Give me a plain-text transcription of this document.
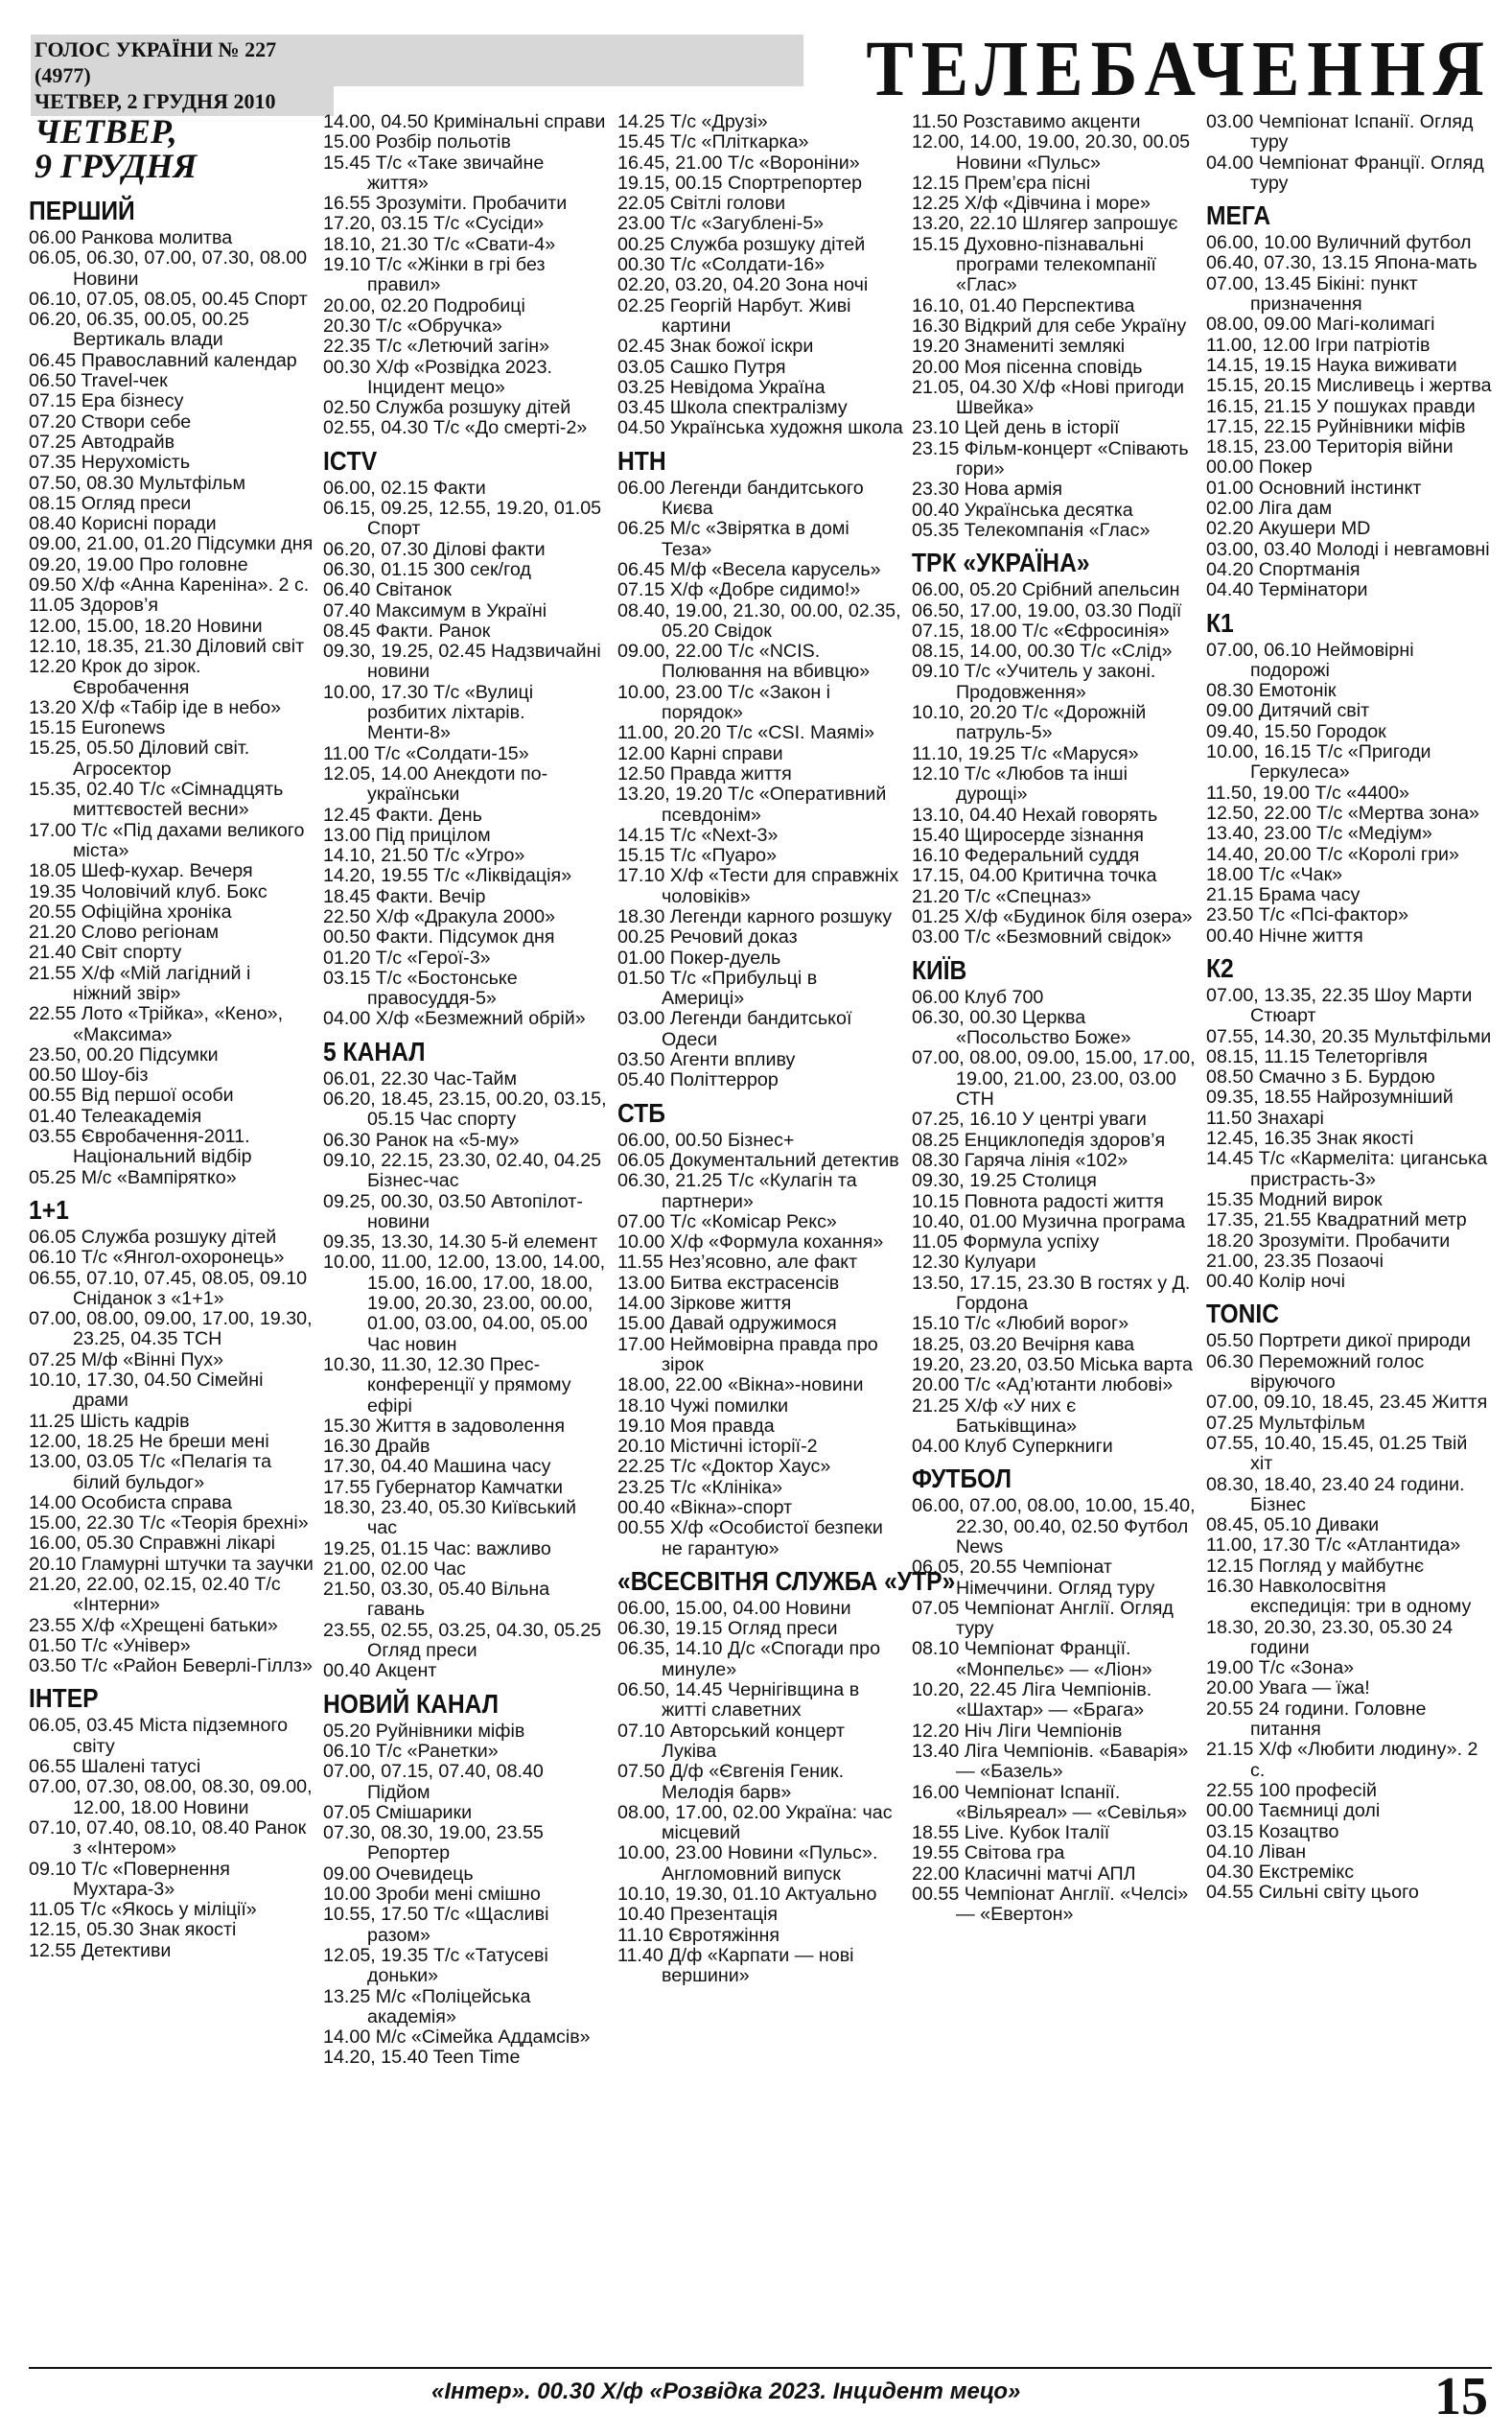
ГОЛОС УКРАЇНИ № 227 (4977)
ЧЕТВЕР, 2 ГРУДНЯ 2010	ТЕЛЕБАЧЕННЯ
ЧЕТВЕР,
9 ГРУДНЯ
ПЕРШИЙ
06.00 Ранкова молитва
06.05, 06.30, 07.00, 07.30, 08.00 Новини
06.10, 07.05, 08.05, 00.45 Спорт
06.20, 06.35, 00.05, 00.25 Вертикаль влади
06.45 Православний календар
06.50 Travel-чек
07.15 Ера бізнесу
07.20 Створи себе
07.25 Автодрайв
07.35 Нерухомість
07.50, 08.30 Мультфільм
08.15 Огляд преси
08.40 Корисні поради
09.00, 21.00, 01.20 Підсумки дня
09.20, 19.00 Про головне
09.50 Х/ф «Анна Кареніна». 2 с.
11.05 Здоров’я
12.00, 15.00, 18.20 Новини
12.10, 18.35, 21.30 Діловий світ
12.20 Крок до зірок. Євробачення
13.20 Х/ф «Табір іде в небо»
15.15 Euronews
15.25, 05.50 Діловий світ. Агросектор
15.35, 02.40 Т/с «Сімнадцять миттєвостей весни»
17.00 Т/с «Під дахами великого міста»
18.05 Шеф-кухар. Вечеря
19.35 Чоловічий клуб. Бокс
20.55 Офіційна хроніка
21.20 Слово регіонам
21.40 Світ спорту
21.55 Х/ф «Мій лагідний і ніжний звір»
22.55 Лото «Трійка», «Кено», «Максима»
23.50, 00.20 Підсумки
00.50 Шоу-біз
00.55 Від першої особи
01.40 Телеакадемія
03.55 Євробачення-2011. Національний відбір
05.25 М/с «Вампірятко»
1+1
06.05 Служба розшуку дітей
06.10 Т/с «Янгол-охоронець»
06.55, 07.10, 07.45, 08.05, 09.10 Сніданок з «1+1»
07.00, 08.00, 09.00, 17.00, 19.30, 23.25, 04.35 ТСН
07.25 М/ф «Вінні Пух»
10.10, 17.30, 04.50 Сімейні драми
11.25 Шість кадрів
12.00, 18.25 Не бреши мені
13.00, 03.05 Т/с «Пелагія та білий бульдог»
14.00 Особиста справа
15.00, 22.30 Т/с «Теорія брехні»
16.00, 05.30 Справжні лікарі
20.10 Гламурні штучки та зaучки
21.20, 22.00, 02.15, 02.40 Т/с «Інтерни»
23.55 Х/ф «Хрещені батьки»
01.50 Т/с «Унівeр»
03.50 Т/с «Район Беверлі-Гіллз»
ІНТЕР
06.05, 03.45 Міста підземного світу
06.55 Шалені татусі
07.00, 07.30, 08.00, 08.30, 09.00, 12.00, 18.00 Новини
07.10, 07.40, 08.10, 08.40 Ранок з «Інтером»
09.10 Т/с «Повернення Мухтара-3»
11.05 Т/с «Якось у міліції»
12.15, 05.30 Знак якості
12.55 Детективи
14.00, 04.50 Кримінальні справи
15.00 Розбір польотів
15.45 Т/с «Таке звичайне життя»
16.55 Зрозуміти. Пробачити
17.20, 03.15 Т/с «Сусіди»
18.10, 21.30 Т/с «Свати-4»
19.10 Т/с «Жінки в грі без правил»
20.00, 02.20 Подробиці
20.30 Т/с «Обручка»
22.35 Т/с «Летючий загін»
00.30 Х/ф «Розвідка 2023. Інцидент мецо»
02.50 Служба розшуку дітей
02.55, 04.30 Т/с «До смерті-2»
ICTV
06.00, 02.15 Факти
06.15, 09.25, 12.55, 19.20, 01.05 Спорт
06.20, 07.30 Ділові факти
06.30, 01.15 300 сек/год
06.40 Світанок
07.40 Максимум в Україні
08.45 Факти. Ранок
09.30, 19.25, 02.45 Надзвичайні новини
10.00, 17.30 Т/с «Вулиці розбитих ліхтарів. Менти-8»
11.00 Т/с «Солдати-15»
12.05, 14.00 Анекдоти по-українськи
12.45 Факти. День
13.00 Під прицілом
14.10, 21.50 Т/с «Угро»
14.20, 19.55 Т/с «Ліквідація»
18.45 Факти. Вечір
22.50 Х/ф «Дракула 2000»
00.50 Факти. Підсумок дня
01.20 Т/с «Герої-3»
03.15 Т/с «Бостонське правосуддя-5»
04.00 Х/ф «Безмежний обрій»
5 КАНАЛ
06.01, 22.30 Час-Тайм
06.20, 18.45, 23.15, 00.20, 03.15, 05.15 Час спорту
06.30 Ранок на «5-му»
09.10, 22.15, 23.30, 02.40, 04.25 Бізнес-час
09.25, 00.30, 03.50 Автопілот-новини
09.35, 13.30, 14.30 5-й елемент
10.00, 11.00, 12.00, 13.00, 14.00, 15.00, 16.00, 17.00, 18.00, 19.00, 20.30, 23.00, 00.00, 01.00, 03.00, 04.00, 05.00 Час новин
10.30, 11.30, 12.30 Прес-конференції у прямому ефірі
15.30 Життя в задоволення
16.30 Драйв
17.30, 04.40 Машина часу
17.55 Губернатор Камчатки
18.30, 23.40, 05.30 Київський час
19.25, 01.15 Час: важливо
21.00, 02.00 Час
21.50, 03.30, 05.40 Вільна гавань
23.55, 02.55, 03.25, 04.30, 05.25 Огляд преси
00.40 Акцент
НОВИЙ КАНАЛ
05.20 Руйнівники міфів
06.10 Т/с «Ранетки»
07.00, 07.15, 07.40, 08.40 Підйом
07.05 Смішарики
07.30, 08.30, 19.00, 23.55 Репортер
09.00 Очевидець
10.00 Зроби мені смішно
10.55, 17.50 Т/с «Щасливі разом»
12.05, 19.35 Т/с «Татусеві доньки»
13.25 М/с «Поліцейська академія»
14.00 М/с «Сімейка Аддамсів»
14.20, 15.40 Teen Time
14.25 Т/с «Друзі»
15.45 Т/с «Пліткарка»
16.45, 21.00 Т/с «Вороніни»
19.15, 00.15 Спортрепортер
22.05 Світлі голови
23.00 Т/с «Загублені-5»
00.25 Служба розшуку дітей
00.30 Т/с «Солдати-16»
02.20, 03.20, 04.20 Зона ночі
02.25 Георгій Нарбут. Живі картини
02.45 Знак божої іскри
03.05 Сашко Путря
03.25 Невідома Україна
03.45 Школа спектралізму
04.50 Українська художня школа
НТН
06.00 Легенди бандитського Києва
06.25 М/с «Звірятка в домі Теза»
06.45 М/ф «Весела карусель»
07.15 Х/ф «Добре сидимо!»
08.40, 19.00, 21.30, 00.00, 02.35, 05.20 Свідок
09.00, 22.00 Т/с «NCIS. Полювання на вбивцю»
10.00, 23.00 Т/с «Закон і порядок»
11.00, 20.20 Т/с «CSI. Маямі»
12.00 Карні справи
12.50 Правда життя
13.20, 19.20 Т/с «Оперативний псевдонім»
14.15 Т/с «Next-3»
15.15 Т/с «Пуаро»
17.10 Х/ф «Тести для справжніх чоловіків»
18.30 Легенди карного розшуку
00.25 Речовий доказ
01.00 Покер-дуель
01.50 Т/с «Прибульці в Америці»
03.00 Легенди бандитської Одеси
03.50 Агенти впливу
05.40 Політтеррор
СТБ
06.00, 00.50 Бізнес+
06.05 Документальний детектив
06.30, 21.25 Т/с «Кулагін та партнери»
07.00 Т/с «Комісар Рекс»
10.00 Х/ф «Формула кохання»
11.55 Нез’ясовно, але факт
13.00 Битва екстрасенсів
14.00 Зіркове життя
15.00 Давай одружимося
17.00 Неймовірна правда про зірок
18.00, 22.00 «Вікна»-новини
18.10 Чужі помилки
19.10 Моя правда
20.10 Містичні історії-2
22.25 Т/с «Доктор Хаус»
23.25 Т/с «Клініка»
00.40 «Вікна»-спорт
00.55 Х/ф «Особистої безпеки не гарантую»
«ВСЕСВІТНЯ СЛУЖБА «УТР»
06.00, 15.00, 04.00 Новини
06.30, 19.15 Огляд преси
06.35, 14.10 Д/с «Спогади про минуле»
06.50, 14.45 Чернігівщина в житті славетних
07.10 Авторський концерт Луківа
07.50 Д/ф «Євгенія Геник. Мелодія барв»
08.00, 17.00, 02.00 Україна: час місцевий
10.00, 23.00 Новини «Пульс». Англомовний випуск
10.10, 19.30, 01.10 Актуально
10.40 Презентація
11.10 Євротяжіння
11.40 Д/ф «Карпати — нові вершини»
11.50 Розставимо акценти
12.00, 14.00, 19.00, 20.30, 00.05 Новини «Пульс»
12.15 Прем’єра пісні
12.25 Х/ф «Дівчина і море»
13.20, 22.10 Шлягер запрошує
15.15 Духовно-пізнавальні програми телекомпанії «Глас»
16.10, 01.40 Перспектива
16.30 Відкрий для себе Україну
19.20 Знаменитi землякi
20.00 Моя пісенна сповідь
21.05, 04.30 Х/ф «Нові пригоди Швейка»
23.10 Цей день в історії
23.15 Фільм-концерт «Співають гори»
23.30 Нова армія
00.40 Українська десятка
05.35 Телекомпанія «Глас»
ТРК «УКРАЇНА»
06.00, 05.20 Срібний апельсин
06.50, 17.00, 19.00, 03.30 Події
07.15, 18.00 Т/с «Єфросинія»
08.15, 14.00, 00.30 Т/с «Слід»
09.10 Т/с «Учитель у законі. Продовження»
10.10, 20.20 Т/с «Дорожній патруль-5»
11.10, 19.25 Т/с «Маруся»
12.10 Т/с «Любов та інші дурощі»
13.10, 04.40 Нехай говорять
15.40 Щиросерде зізнання
16.10 Федеральний суддя
17.15, 04.00 Критична точка
21.20 Т/с «Спецназ»
01.25 Х/ф «Будинок біля озера»
03.00 Т/с «Безмовний свідок»
КИЇВ
06.00 Клуб 700
06.30, 00.30 Церква «Посольство Боже»
07.00, 08.00, 09.00, 15.00, 17.00, 19.00, 21.00, 23.00, 03.00 СТН
07.25, 16.10 У центрі уваги
08.25 Енциклопедія здоров’я
08.30 Гаряча лінія «102»
09.30, 19.25 Столиця
10.15 Повнота радості життя
10.40, 01.00 Музична програма
11.05 Формула успіху
12.30 Кулуари
13.50, 17.15, 23.30 В гостях у Д. Гордона
15.10 Т/с «Любий ворог»
18.25, 03.20 Вечірня кава
19.20, 23.20, 03.50 Міська варта
20.00 Т/с «Ад’ютанти любові»
21.25 Х/ф «У них є Батьківщина»
04.00 Клуб Суперкниги
ФУТБОЛ
06.00, 07.00, 08.00, 10.00, 15.40, 22.30, 00.40, 02.50 Футбол News
06.05, 20.55 Чемпіонат Німеччини. Огляд туру
07.05 Чемпіонат Англії. Огляд туру
08.10 Чемпіонат Франції. «Монпельє» — «Ліон»
10.20, 22.45 Ліга Чемпіонів. «Шахтар» — «Брага»
12.20 Ніч Ліги Чемпіонів
13.40 Ліга Чемпіонів. «Баварія» — «Базель»
16.00 Чемпіонат Іспанії. «Вільяреал» — «Севілья»
18.55 Live. Кубок Італії
19.55 Світова гра
22.00 Класичні матчі АПЛ
00.55 Чемпіонат Англії. «Челсі» — «Евертон»
03.00 Чемпіонат Іспанії. Огляд туру
04.00 Чемпіонат Франції. Огляд туру
МЕГА
06.00, 10.00 Вуличний футбол
06.40, 07.30, 13.15 Япона-мать
07.00, 13.45 Бікіні: пункт призначення
08.00, 09.00 Магі-колимагі
11.00, 12.00 Ігри патріотів
14.15, 19.15 Наука виживати
15.15, 20.15 Мисливець і жертва
16.15, 21.15 У пошуках правди
17.15, 22.15 Руйнівники міфів
18.15, 23.00 Територія війни
00.00 Покер
01.00 Основний інстинкт
02.00 Ліга дам
02.20 Акушери MD
03.00, 03.40 Молоді і невгамовні
04.20 Спортманія
04.40 Термінатори
К1
07.00, 06.10 Неймовірні подорожі
08.30 Емотонік
09.00 Дитячий світ
09.40, 15.50 Городок
10.00, 16.15 Т/с «Пригоди Геркулеса»
11.50, 19.00 Т/с «4400»
12.50, 22.00 Т/с «Мертва зона»
13.40, 23.00 Т/с «Медіум»
14.40, 20.00 Т/с «Королі гри»
18.00 Т/с «Чак»
21.15 Брама часу
23.50 Т/с «Псі-фактор»
00.40 Нічне життя
К2
07.00, 13.35, 22.35 Шоу Марти Стюарт
07.55, 14.30, 20.35 Мультфільми
08.15, 11.15 Телеторгівля
08.50 Смачно з Б. Бурдою
09.35, 18.55 Найрозумніший
11.50 Знахарі
12.45, 16.35 Знак якості
14.45 Т/с «Кармеліта: циганська пристрасть-3»
15.35 Модний вирок
17.35, 21.55 Квадратний метр
18.20 Зрозуміти. Пробачити
21.00, 23.35 Позаочі
00.40 Колір ночі
ТОNIС
05.50 Портрети дикої природи
06.30 Переможний голос віруючого
07.00, 09.10, 18.45, 23.45 Життя
07.25 Мультфільм
07.55, 10.40, 15.45, 01.25 Твій хіт
08.30, 18.40, 23.40 24 години. Бізнес
08.45, 05.10 Диваки
11.00, 17.30 Т/с «Атлантида»
12.15 Погляд у майбутнє
16.30 Навколосвітня експедиція: три в одному
18.30, 20.30, 23.30, 05.30 24 години
19.00 Т/с «Зона»
20.00 Увага — їжа!
20.55 24 години. Головне питання
21.15 Х/ф «Любити людину». 2 с.
22.55 100 професій
00.00 Таємниці долі
03.15 Козацтво
04.10 Ліван
04.30 Екстремікс
04.55 Сильні світу цього
«Інтер». 00.30 Х/ф «Розвідка 2023. Інцидент мецо»	15
